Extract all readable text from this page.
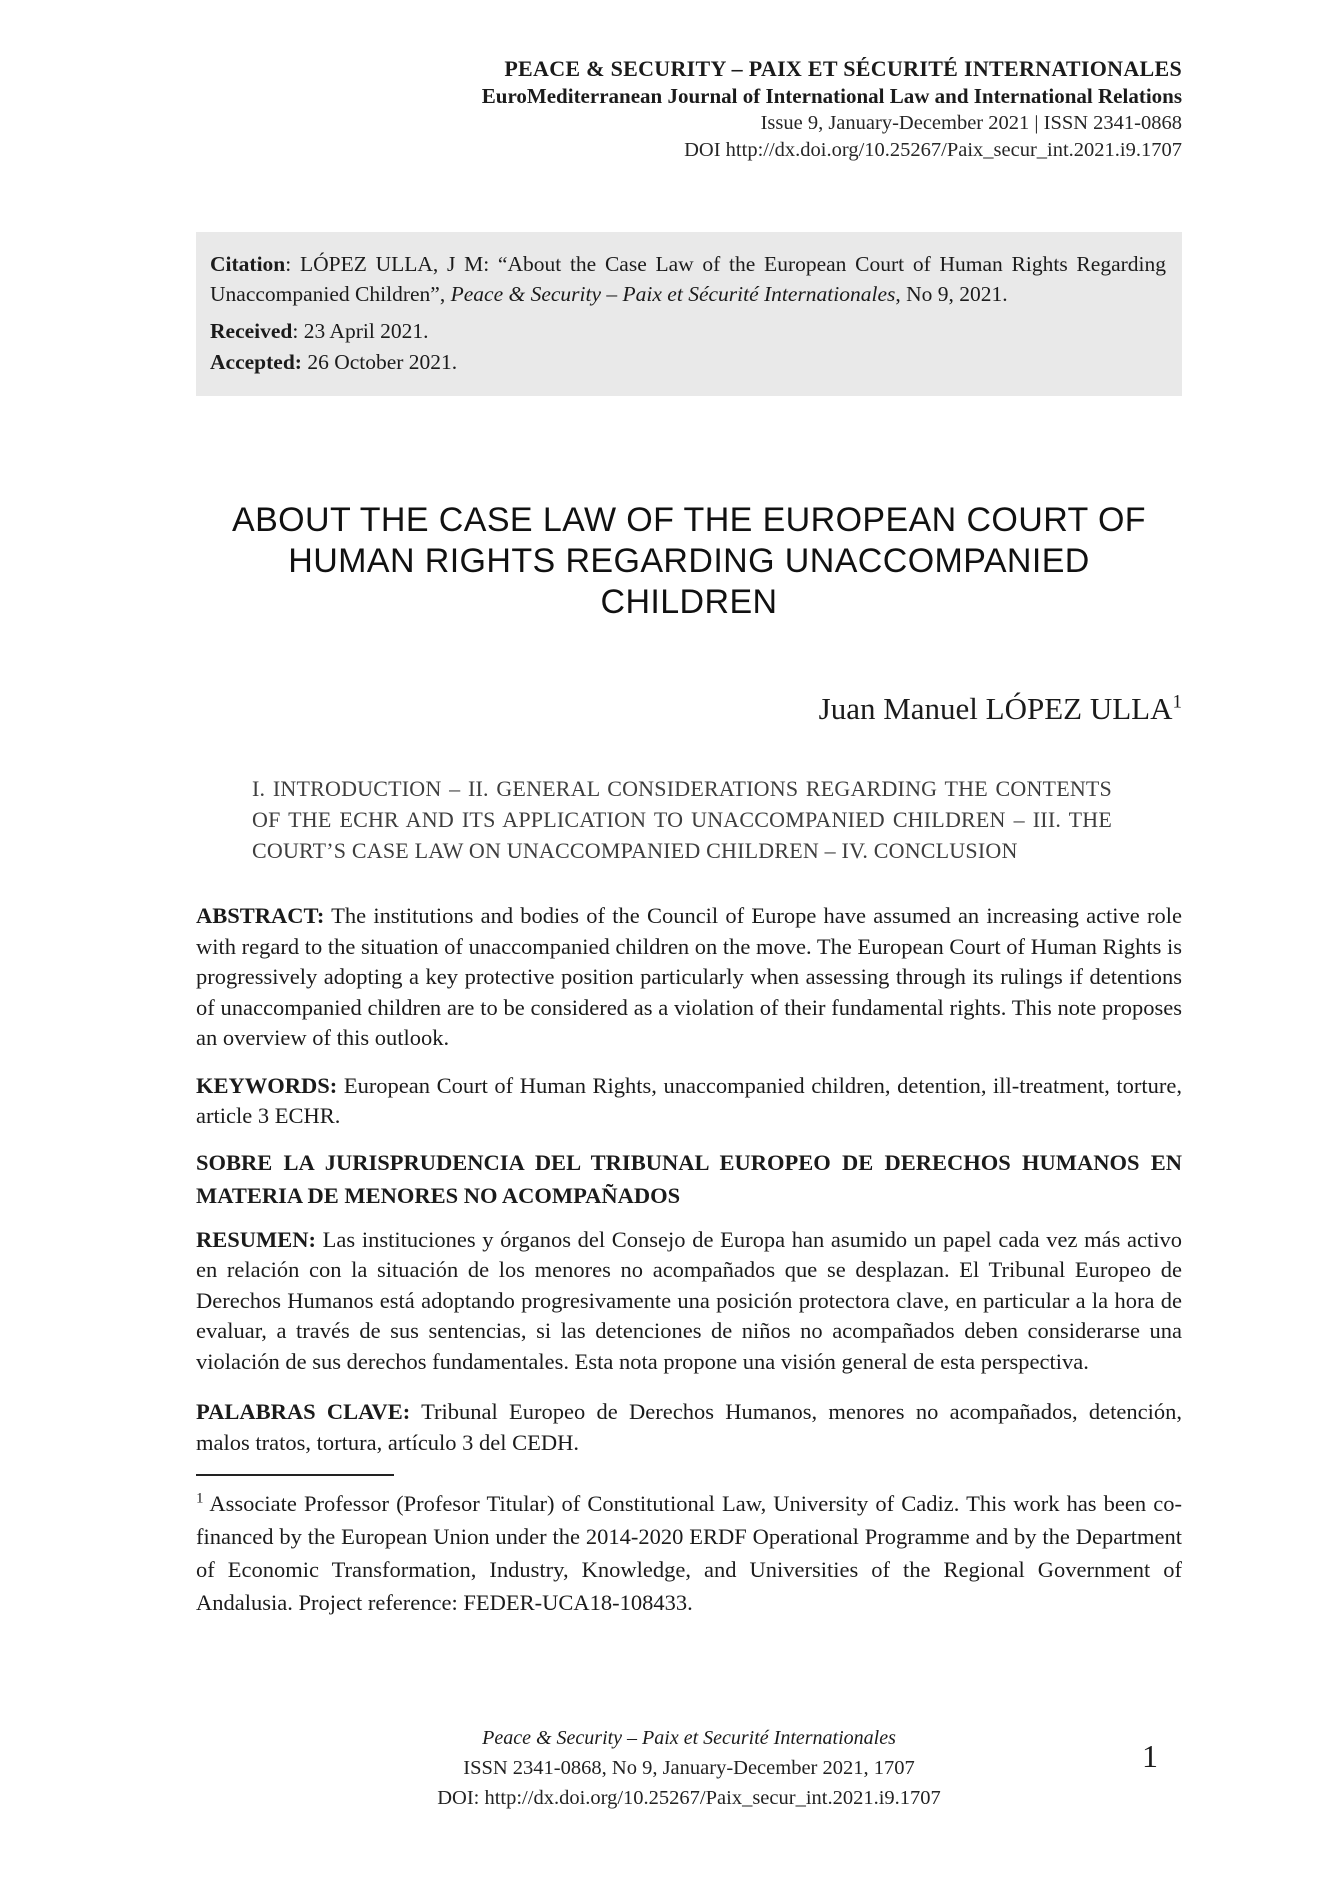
PEACE & SECURITY – PAIX ET SÉCURITÉ INTERNATIONALES
EuroMediterranean Journal of International Law and International Relations
Issue 9, January-December 2021 | ISSN 2341-0868
DOI http://dx.doi.org/10.25267/Paix_secur_int.2021.i9.1707
Citation: LÓPEZ ULLA, J M: “About the Case Law of the European Court of Human Rights Regarding Unaccompanied Children”, Peace & Security – Paix et Sécurité Internationales, No 9, 2021.
Received: 23 April 2021.
Accepted: 26 October 2021.
ABOUT THE CASE LAW OF THE EUROPEAN COURT OF
HUMAN RIGHTS REGARDING UNACCOMPANIED CHILDREN
Juan Manuel LÓPEZ ULLA$^1$
I. INTRODUCTION – II. GENERAL CONSIDERATIONS REGARDING THE CONTENTS OF THE ECHR AND ITS APPLICATION TO UNACCOMPANIED CHILDREN – III. THE COURT’S CASE LAW ON UNACCOMPANIED CHILDREN – IV. CONCLUSION

ABSTRACT: The institutions and bodies of the Council of Europe have assumed an increasing active role with regard to the situation of unaccompanied children on the move. The European Court of Human Rights is progressively adopting a key protective position particularly when assessing through its rulings if detentions of unaccompanied children are to be considered as a violation of their fundamental rights. This note proposes an overview of this outlook.

KEYWORDS: European Court of Human Rights, unaccompanied children, detention, ill-treatment, torture, article 3 ECHR.

SOBRE LA JURISPRUDENCIA DEL TRIBUNAL EUROPEO DE DERECHOS HUMANOS EN MATERIA DE MENORES NO ACOMPAÑADOS

RESUMEN: Las instituciones y órganos del Consejo de Europa han asumido un papel cada vez más activo en relación con la situación de los menores no acompañados que se desplazan. El Tribunal Europeo de Derechos Humanos está adoptando progresivamente una posición protectora clave, en particular a la hora de evaluar, a través de sus sentencias, si las detenciones de niños no acompañados deben considerarse una violación de sus derechos fundamentales. Esta nota propone una visión general de esta perspectiva.

PALABRAS CLAVE: Tribunal Europeo de Derechos Humanos, menores no acompañados, detención, malos tratos, tortura, artículo 3 del CEDH.

$^1$ Associate Professor (Profesor Titular) of Constitutional Law, University of Cadiz. This work has been co-financed by the European Union under the 2014-2020 ERDF Operational Programme and by the Department of Economic Transformation, Industry, Knowledge, and Universities of the Regional Government of Andalusia. Project reference: FEDER-UCA18-108433.

Peace & Security – Paix et Securité Internationales
ISSN 2341-0868, No 9, January-December 2021, 1707
DOI: http://dx.doi.org/10.25267/Paix_secur_int.2021.i9.1707
1
